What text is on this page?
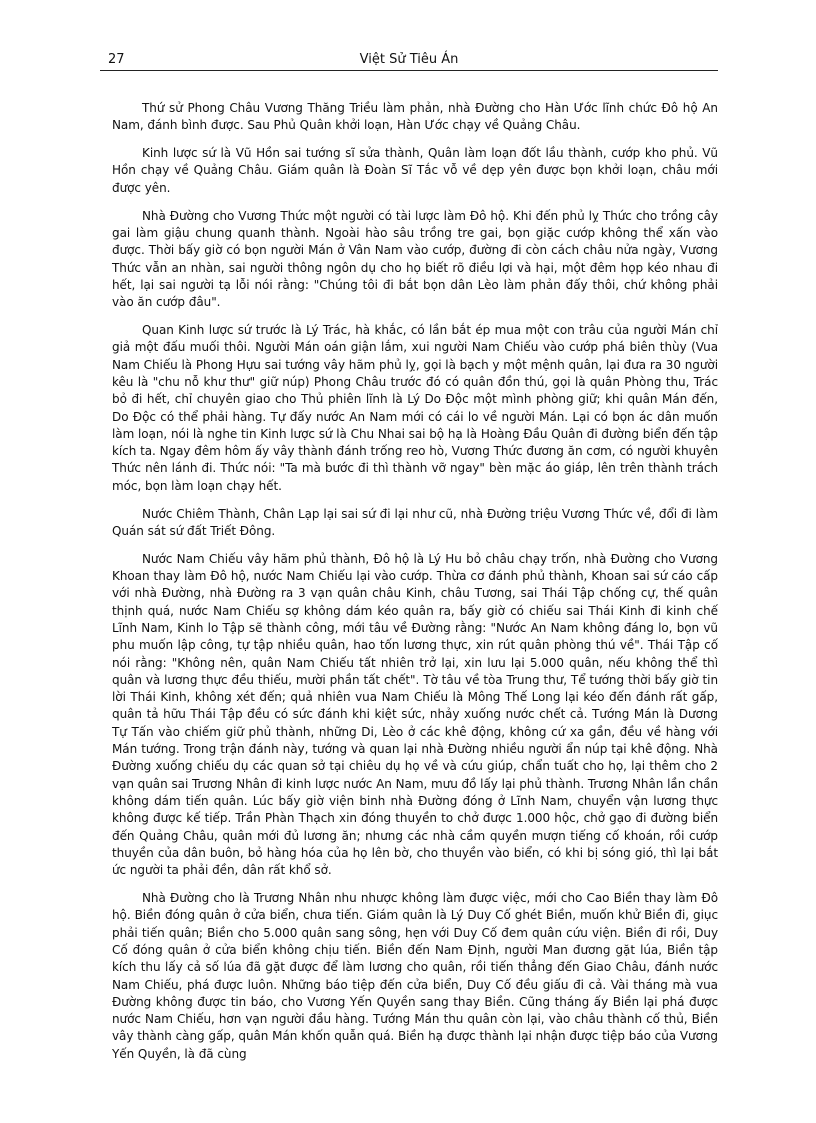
27	Việt Sử Tiêu Án

Thứ sử Phong Châu Vương Thăng Triều làm phản, nhà Đường cho Hàn Ước lĩnh chức Đô hộ An Nam, đánh bình được. Sau Phủ Quân khởi loạn, Hàn Ước chạy về Quảng Châu.

Kinh lược sứ là Vũ Hồn sai tướng sĩ sửa thành, Quân làm loạn đốt lầu thành, cướp kho phủ. Vũ Hồn chạy về Quảng Châu. Giám quân là Đoàn Sĩ Tắc vỗ về dẹp yên được bọn khởi loạn, châu mới được yên.

Nhà Đường cho Vương Thức một người có tài lược làm Đô hộ. Khi đến phủ lỵ Thức cho trồng cây gai làm giậu chung quanh thành. Ngoài hào sâu trồng tre gai, bọn giặc cướp không thể xấn vào được. Thời bấy giờ có bọn người Mán ở Vân Nam vào cướp, đường đi còn cách châu nửa ngày, Vương Thức vẫn an nhàn, sai người thông ngôn dụ cho họ biết rõ điều lợi và hại, một đêm họp kéo nhau đi hết, lại sai người tạ lỗi nói rằng: "Chúng tôi đi bắt bọn dân Lèo làm phản đấy thôi, chứ không phải vào ăn cướp đâu".

Quan Kinh lược sứ trước là Lý Trác, hà khắc, có lần bắt ép mua một con trâu của người Mán chỉ giả một đấu muối thôi. Người Mán oán giận lắm, xui người Nam Chiếu vào cướp phá biên thùy (Vua Nam Chiếu là Phong Hựu sai tướng vây hãm phủ lỵ, gọi là bạch y một mệnh quân, lại đưa ra 30 người kêu là "chu nỗ khư thư" giữ núp) Phong Châu trước đó có quân đồn thú, gọi là quân Phòng thu, Trác bỏ đi hết, chỉ chuyên giao cho Thủ phiên lĩnh là Lý Do Độc một mình phòng giữ; khi quân Mán đến, Do Độc có thể phải hàng. Tự đấy nước An Nam mới có cái lo về người Mán. Lại có bọn ác dân muốn làm loạn, nói là nghe tin Kinh lược sứ là Chu Nhai sai bộ hạ là Hoàng Đầu Quân đi đường biển đến tập kích ta. Ngay đêm hôm ấy vây thành đánh trống reo hò, Vương Thức đương ăn cơm, có người khuyên Thức nên lánh đi. Thức nói: "Ta mà bước đi thì thành vỡ ngay" bèn mặc áo giáp, lên trên thành trách móc, bọn làm loạn chạy hết.

Nước Chiêm Thành, Chân Lạp lại sai sứ đi lại như cũ, nhà Đường triệu Vương Thức về, đổi đi làm Quán sát sứ đất Triết Đông.

Nước Nam Chiếu vây hãm phủ thành, Đô hộ là Lý Hu bỏ châu chạy trốn, nhà Đường cho Vương Khoan thay làm Đô hộ, nước Nam Chiếu lại vào cướp. Thừa cơ đánh phủ thành, Khoan sai sứ cáo cấp với nhà Đường, nhà Đường ra 3 vạn quân châu Kinh, châu Tương, sai Thái Tập chống cự, thế quân thịnh quá, nước Nam Chiếu sợ không dám kéo quân ra, bấy giờ có chiếu sai Thái Kinh đi kinh chế Lĩnh Nam, Kinh lo Tập sẽ thành công, mới tâu về Đường rằng: "Nước An Nam không đáng lo, bọn vũ phu muốn lập công, tự tập nhiều quân, hao tốn lương thực, xin rút quân phòng thú về". Thái Tập cố nói rằng: "Không nên, quân Nam Chiếu tất nhiên trở lại, xin lưu lại 5.000 quân, nếu không thể thì quân và lương thực đều thiếu, mười phần tất chết". Tờ tâu về tòa Trung thư, Tể tướng thời bấy giờ tin lời Thái Kinh, không xét đến; quả nhiên vua Nam Chiếu là Mông Thế Long lại kéo đến đánh rất gấp, quân tả hữu Thái Tập đều có sức đánh khi kiệt sức, nhảy xuống nước chết cả. Tướng Mán là Dương Tự Tấn vào chiếm giữ phủ thành, những Di, Lèo ở các khê động, không cứ xa gần, đều về hàng với Mán tướng. Trong trận đánh này, tướng và quan lại nhà Đường nhiều người ẩn núp tại khê động. Nhà Đường xuống chiếu dụ các quan sở tại chiêu dụ họ về và cứu giúp, chẩn tuất cho họ, lại thêm cho 2 vạn quân sai Trương Nhân đi kinh lược nước An Nam, mưu đồ lấy lại phủ thành. Trương Nhân lần chần không dám tiến quân. Lúc bấy giờ viện binh nhà Đường đóng ở Lĩnh Nam, chuyển vận lương thực không được kế tiếp. Trần Phàn Thạch xin đóng thuyền to chở được 1.000 hộc, chở gạo đi đường biển đến Quảng Châu, quân mới đủ lương ăn; nhưng các nhà cầm quyền mượn tiếng cố khoán, rồi cướp thuyền của dân buôn, bỏ hàng hóa của họ lên bờ, cho thuyền vào biển, có khi bị sóng gió, thì lại bắt ức người ta phải đền, dân rất khổ sở.

Nhà Đường cho là Trương Nhân nhu nhược không làm được việc, mới cho Cao Biền thay làm Đô hộ. Biền đóng quân ở cửa biển, chưa tiến. Giám quân là Lý Duy Cố ghét Biền, muốn khử Biền đi, giục phải tiến quân; Biền cho 5.000 quân sang sông, hẹn với Duy Cố đem quân cứu viện. Biền đi rồi, Duy Cố đóng quân ở cửa biển không chịu tiến. Biền đến Nam Định, người Man đương gặt lúa, Biền tập kích thu lấy cả số lúa đã gặt được để làm lương cho quân, rồi tiến thẳng đến Giao Châu, đánh nước Nam Chiếu, phá được luôn. Những báo tiệp đến cửa biển, Duy Cố đều giấu đi cả. Vài tháng mà vua Đường không được tin báo, cho Vương Yến Quyền sang thay Biền. Cũng tháng ấy Biền lại phá được nước Nam Chiếu, hơn vạn người đầu hàng. Tướng Mán thu quân còn lại, vào châu thành cố thủ, Biền vây thành càng gấp, quân Mán khốn quẫn quá. Biền hạ được thành lại nhận được tiệp báo của Vương Yến Quyền, là đã cùng
